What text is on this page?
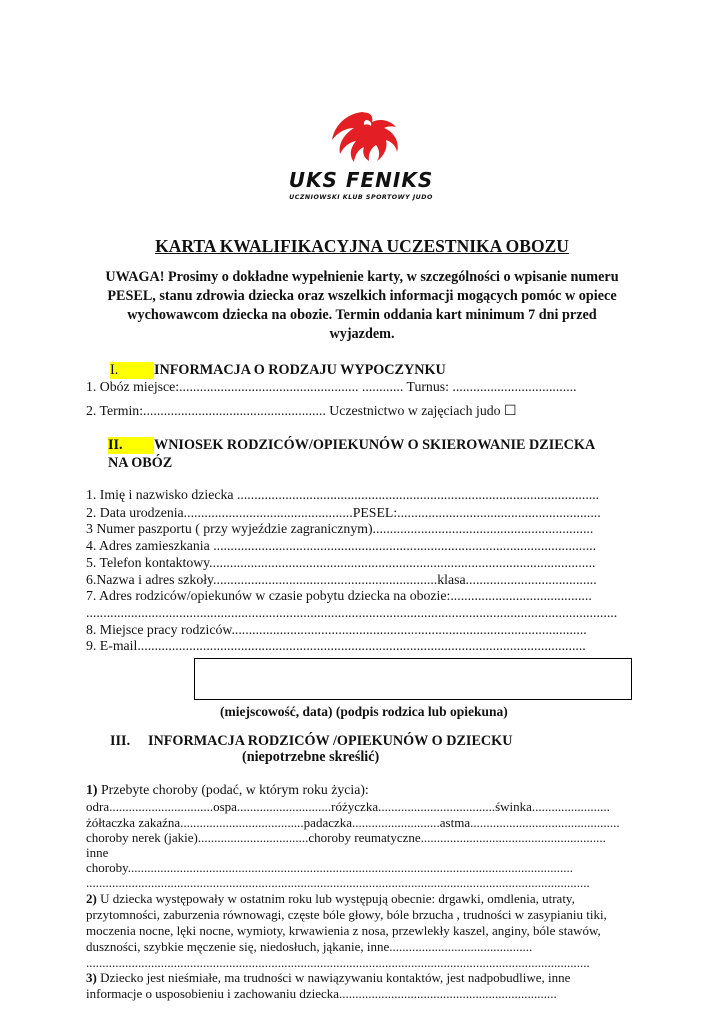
UKS FENIKS
UCZNIOWSKI KLUB SPORTOWY JUDO
KARTA KWALIFIKACYJNA UCZESTNIKA OBOZU
UWAGA! Prosimy o dokładne wypełnienie karty, w szczególności o wpisanie numeru PESEL, stanu zdrowia dziecka oraz wszelkich informacji mogących pomóc w opiece wychowawcom dziecka na obozie. Termin oddania kart minimum 7 dni przed wyjazdem.
I.	INFORMACJA O RODZAJU WYPOCZYNKU
1. Obóz miejsce:.................................................... ............ Turnus: ....................................
2. Termin:..................................................... Uczestnictwo w zajęciach judo ☐
II. WNIOSEK RODZICÓW/OPIEKUNÓW O SKIEROWANIE DZIECKA
NA OBÓZ
1. Imię i nazwisko dziecka .........................................................................................................
2. Data urodzenia.................................................PESEL:...........................................................
3 Numer paszportu ( przy wyjeździe zagranicznym)................................................................
4. Adres zamieszkania ...............................................................................................................
5. Telefon kontaktowy................................................................................................................
6.Nazwa i adres szkoły.................................................................klasa......................................
7. Adres rodziców/opiekunów w czasie pobytu dziecka na obozie:.........................................
..........................................................................................................................................................
8. Miejsce pracy rodziców.......................................................................................................
9. E-mail..................................................................................................................................
(miejscowość, data) (podpis rodzica lub opiekuna)
III. INFORMACJA RODZICÓW /OPIEKUNÓW O DZIECKU
(niepotrzebne skreślić)
1) Przebyte choroby (podać, w którym roku życia):
odra................................ospa.............................różyczka....................................świnka........................
żółtaczka zakaźna......................................padaczka...........................astma..............................................
choroby nerek (jakie)..................................choroby reumatyczne.........................................................
inne
choroby.........................................................................................................................................
...........................................................................................................................................................
2) U dziecka występowały w ostatnim roku lub występują obecnie: drgawki, omdlenia, utraty,
przytomności, zaburzenia równowagi, częste bóle głowy, bóle brzucha , trudności w zasypianiu tiki,
moczenia nocne, lęki nocne, wymioty, krwawienia z nosa, przewlekły kaszel, anginy, bóle stawów,
duszności, szybkie męczenie się, niedosłuch, jąkanie, inne............................................
...........................................................................................................................................................
3) Dziecko jest nieśmiałe, ma trudności w nawiązywaniu kontaktów, jest nadpobudliwe, inne
informacje o usposobieniu i zachowaniu dziecka...................................................................
